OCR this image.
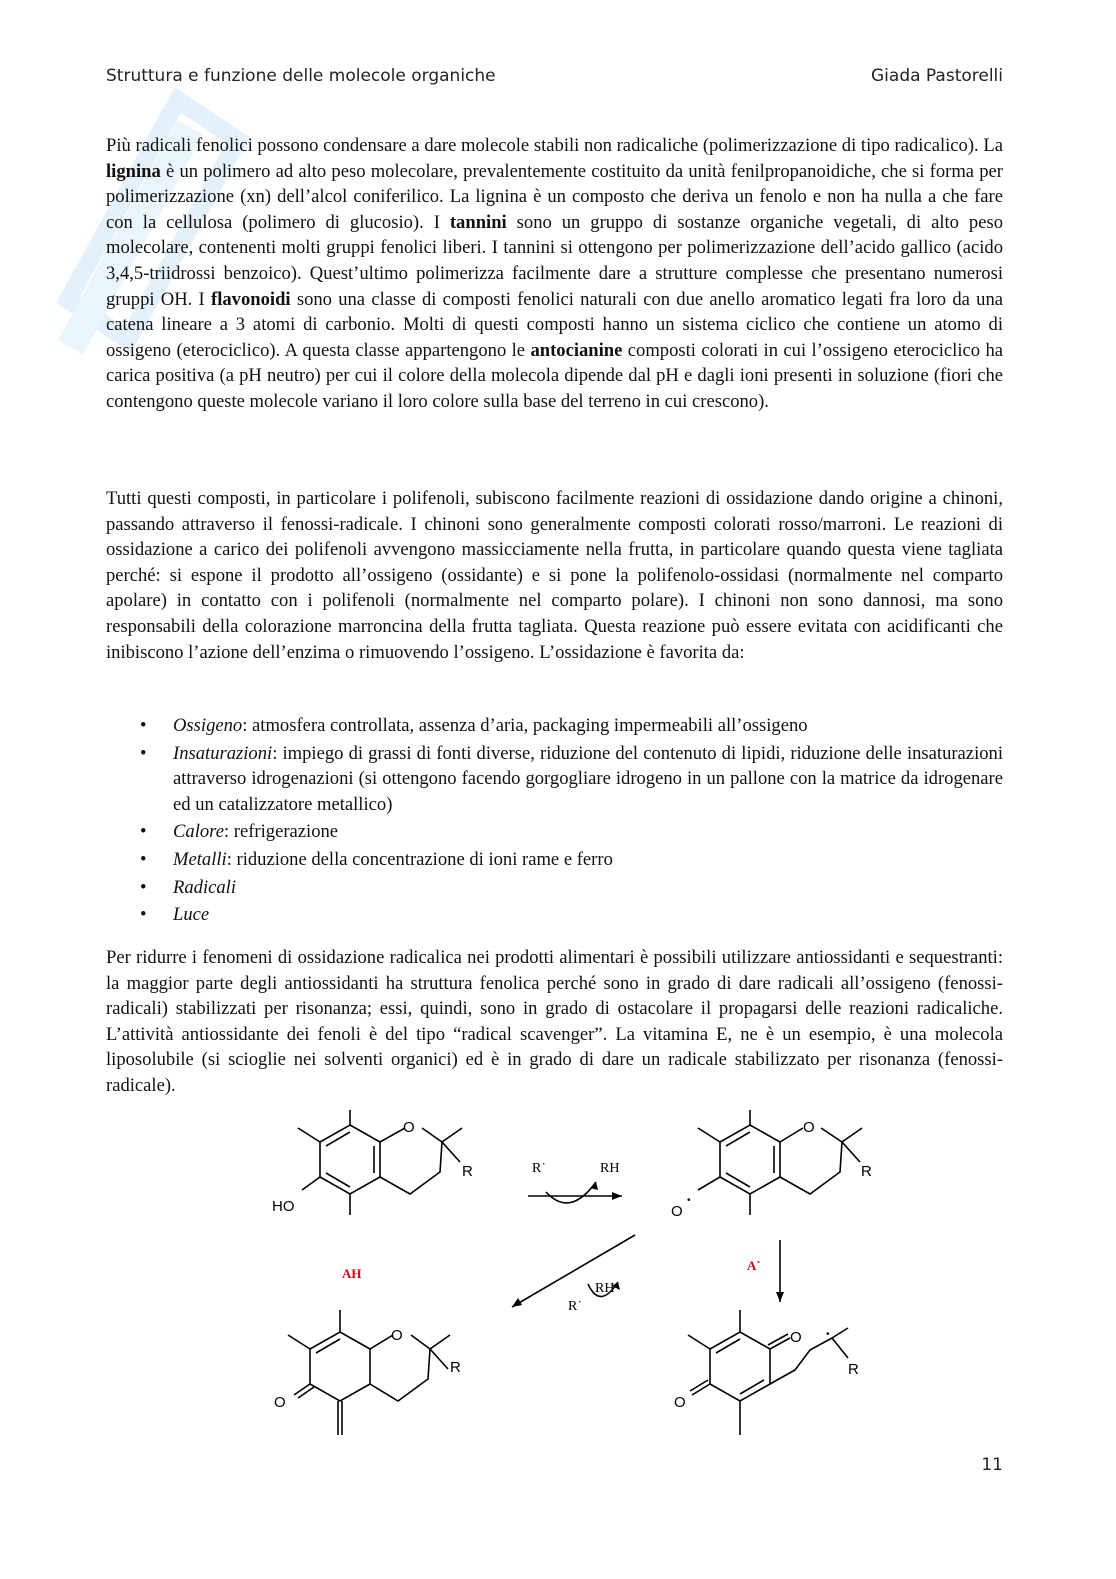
Struttura e funzione delle molecole organiche	Giada Pastorelli

Più radicali fenolici possono condensare a dare molecole stabili non radicaliche (polimerizzazione di tipo radicalico). La lignina è un polimero ad alto peso molecolare, prevalentemente costituito da unità fenilpropanoidiche, che si forma per polimerizzazione (xn) dell’alcol coniferilico. La lignina è un composto che deriva un fenolo e non ha nulla a che fare con la cellulosa (polimero di glucosio). I tannini sono un gruppo di sostanze organiche vegetali, di alto peso molecolare, contenenti molti gruppi fenolici liberi. I tannini si ottengono per polimerizzazione dell’acido gallico (acido 3,4,5-triidrossi benzoico). Quest’ultimo polimerizza facilmente dare a strutture complesse che presentano numerosi gruppi OH. I flavonoidi sono una classe di composti fenolici naturali con due anello aromatico legati fra loro da una catena lineare a 3 atomi di carbonio. Molti di questi composti hanno un sistema ciclico che contiene un atomo di ossigeno (eterociclico). A questa classe appartengono le antocianine composti colorati in cui l’ossigeno eterociclico ha carica positiva (a pH neutro) per cui il colore della molecola dipende dal pH e dagli ioni presenti in soluzione (fiori che contengono queste molecole variano il loro colore sulla base del terreno in cui crescono).

Tutti questi composti, in particolare i polifenoli, subiscono facilmente reazioni di ossidazione dando origine a chinoni, passando attraverso il fenossi-radicale. I chinoni sono generalmente composti colorati rosso/marroni. Le reazioni di ossidazione a carico dei polifenoli avvengono massicciamente nella frutta, in particolare quando questa viene tagliata perché: si espone il prodotto all’ossigeno (ossidante) e si pone la polifenolo-ossidasi (normalmente nel comparto apolare) in contatto con i polifenoli (normalmente nel comparto polare). I chinoni non sono dannosi, ma sono responsabili della colorazione marroncina della frutta tagliata. Questa reazione può essere evitata con acidificanti che inibiscono l’azione dell’enzima o rimuovendo l’ossigeno. L’ossidazione è favorita da:

• Ossigeno: atmosfera controllata, assenza d’aria, packaging impermeabili all’ossigeno
• Insaturazioni: impiego di grassi di fonti diverse, riduzione del contenuto di lipidi, riduzione delle insaturazioni attraverso idrogenazioni (si ottengono facendo gorgogliare idrogeno in un pallone con la matrice da idrogenare ed un catalizzatore metallico)
• Calore: refrigerazione
• Metalli: riduzione della concentrazione di ioni rame e ferro
• Radicali
• Luce

Per ridurre i fenomeni di ossidazione radicalica nei prodotti alimentari è possibili utilizzare antiossidanti e sequestranti: la maggior parte degli antiossidanti ha struttura fenolica perché sono in grado di dare radicali all’ossigeno (fenossi-radicali) stabilizzati per risonanza; essi, quindi, sono in grado di ostacolare il propagarsi delle reazioni radicaliche. L’attività antiossidante dei fenoli è del tipo “radical scavenger”. La vitamina E, ne è un esempio, è una molecola liposolubile (si scioglie nei solventi organici) ed è in grado di dare un radicale stabilizzato per risonanza (fenossi-radicale).

O
R
HO
O
R
O
•
O
R
O
O
R
O
•
R˙	RH
RH
R˙
AH
A˙
11
